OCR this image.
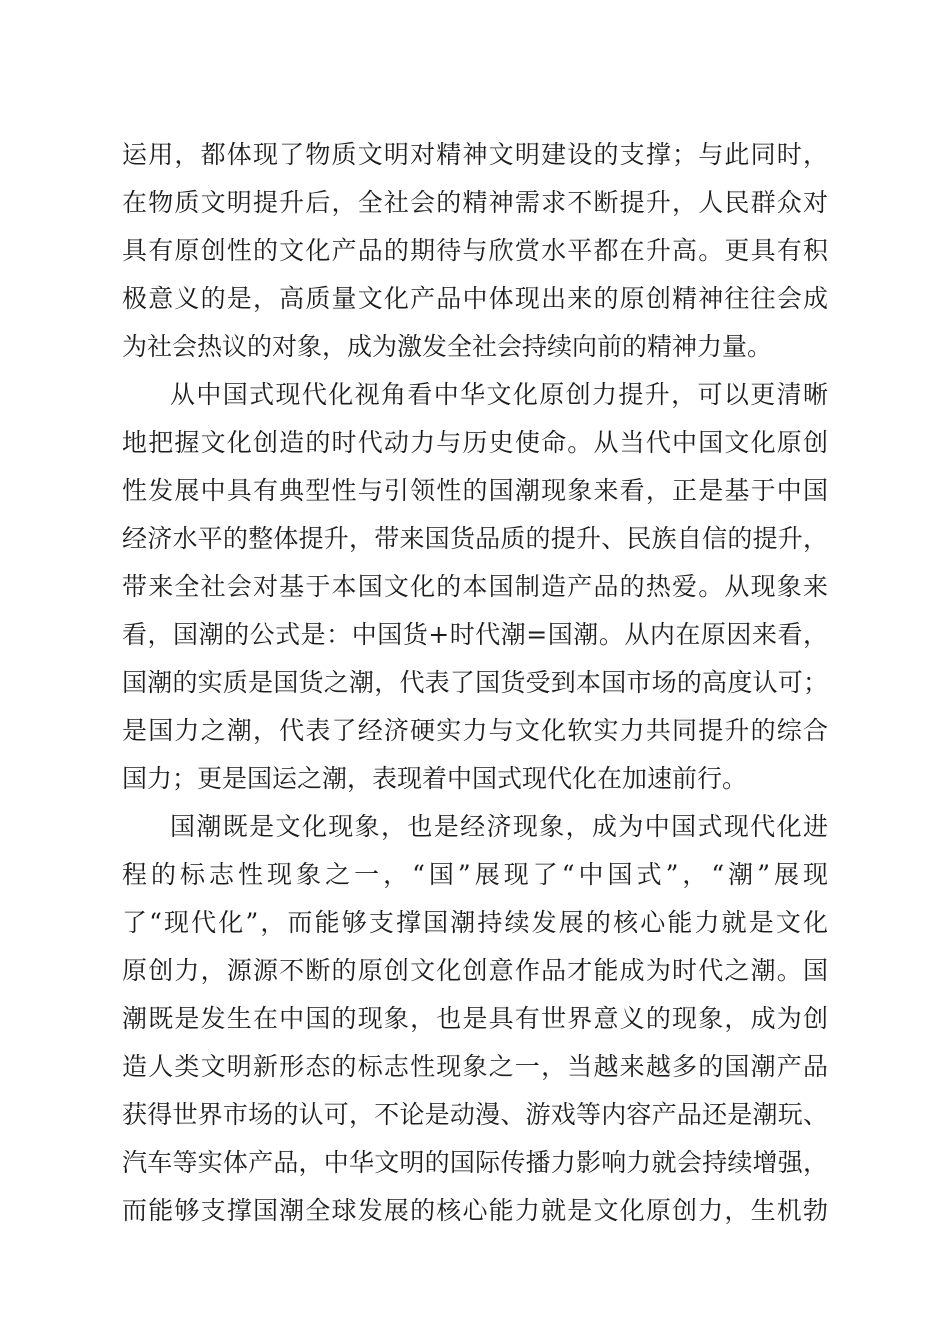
运用，都体现了物质文明对精神文明建设的支撑；与此同时，
在物质文明提升后，全社会的精神需求不断提升，人民群众对
具有原创性的文化产品的期待与欣赏水平都在升高。更具有积
极意义的是，高质量文化产品中体现出来的原创精神往往会成
为社会热议的对象，成为激发全社会持续向前的精神力量。
从中国式现代化视角看中华文化原创力提升，可以更清晰
地把握文化创造的时代动力与历史使命。从当代中国文化原创
性发展中具有典型性与引领性的国潮现象来看，正是基于中国
经济水平的整体提升，带来国货品质的提升、民族自信的提升，
带来全社会对基于本国文化的本国制造产品的热爱。从现象来
看，国潮的公式是：中国货+时代潮=国潮。从内在原因来看，
国潮的实质是国货之潮，代表了国货受到本国市场的高度认可；
是国力之潮，代表了经济硬实力与文化软实力共同提升的综合
国力；更是国运之潮，表现着中国式现代化在加速前行。
国潮既是文化现象，也是经济现象，成为中国式现代化进
程的标志性现象之一，“国”展现了“中国式”，“潮”展现
了“现代化”，而能够支撑国潮持续发展的核心能力就是文化
原创力，源源不断的原创文化创意作品才能成为时代之潮。国
潮既是发生在中国的现象，也是具有世界意义的现象，成为创
造人类文明新形态的标志性现象之一，当越来越多的国潮产品
获得世界市场的认可，不论是动漫、游戏等内容产品还是潮玩、
汽车等实体产品，中华文明的国际传播力影响力就会持续增强，
而能够支撑国潮全球发展的核心能力就是文化原创力，生机勃
